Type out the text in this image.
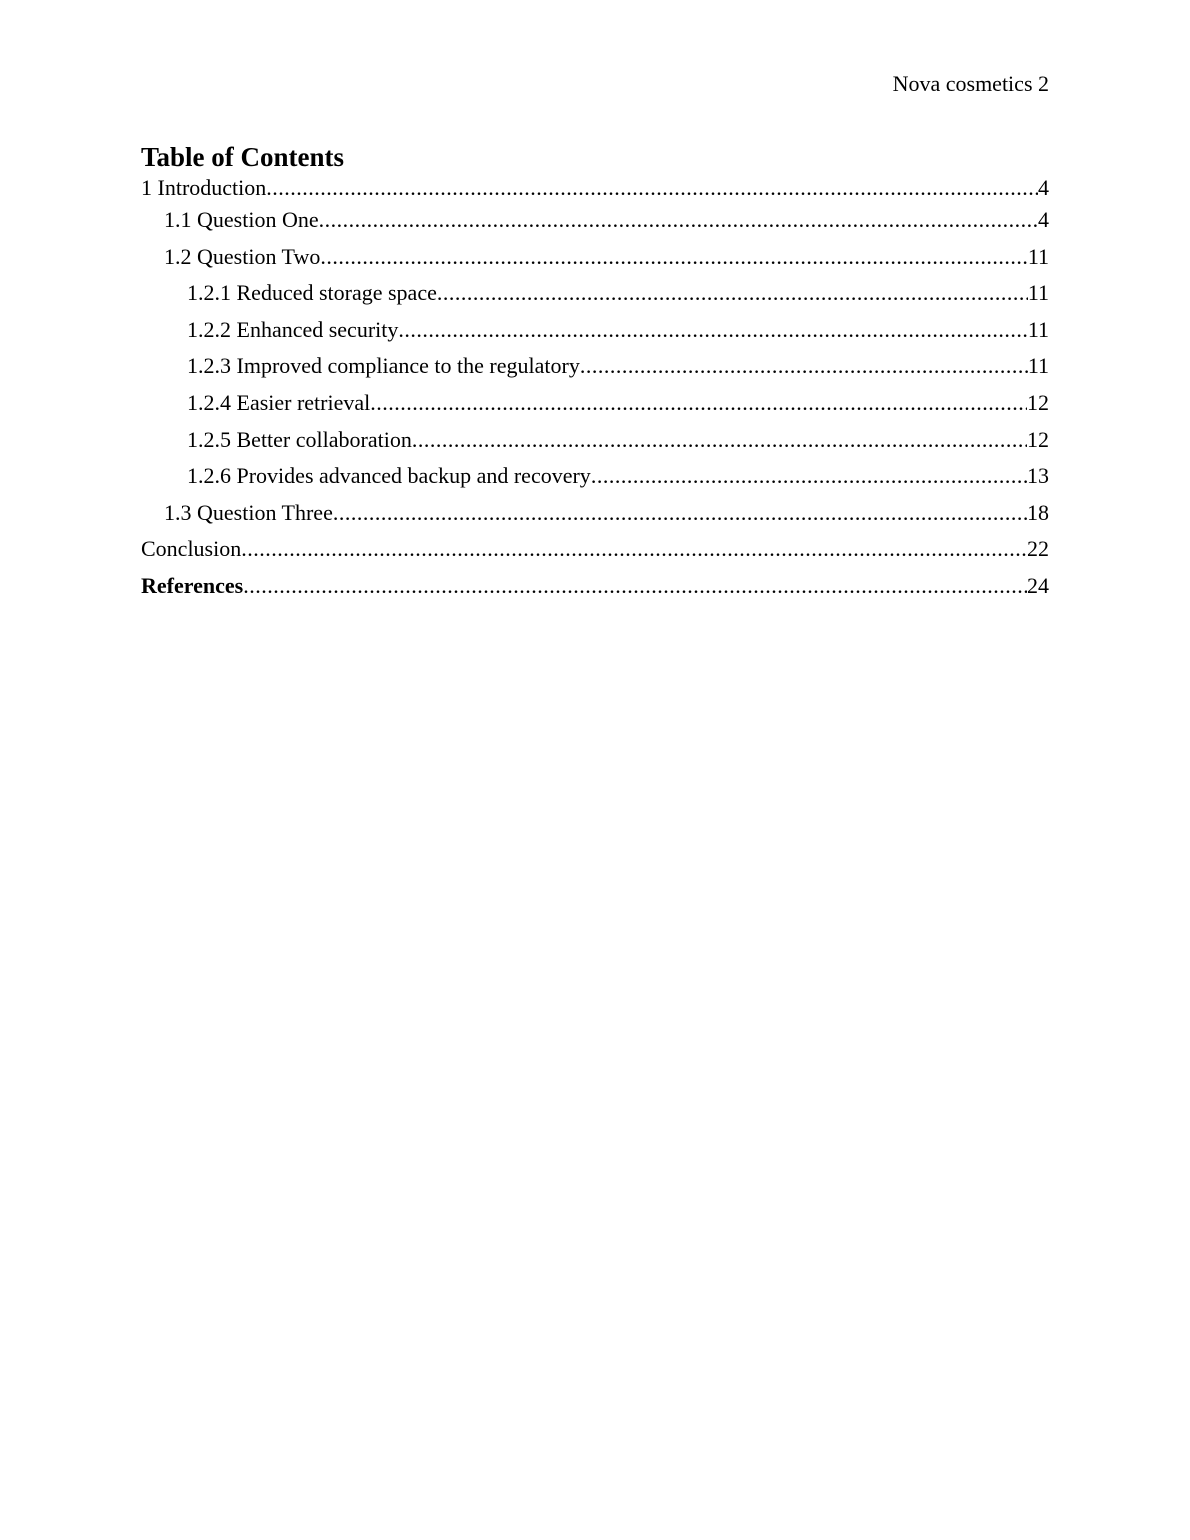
Nova cosmetics 2
Table of Contents
1 Introduction .....	4
1.1 Question One .....	4
1.2 Question Two .....	11
1.2.1 Reduced storage space .....	11
1.2.2 Enhanced security .....	11
1.2.3 Improved compliance to the regulatory .....	11
1.2.4 Easier retrieval .....	12
1.2.5 Better collaboration .....	12
1.2.6 Provides advanced backup and recovery .....	13
1.3 Question Three .....	18
Conclusion .....	22
References .....	24
